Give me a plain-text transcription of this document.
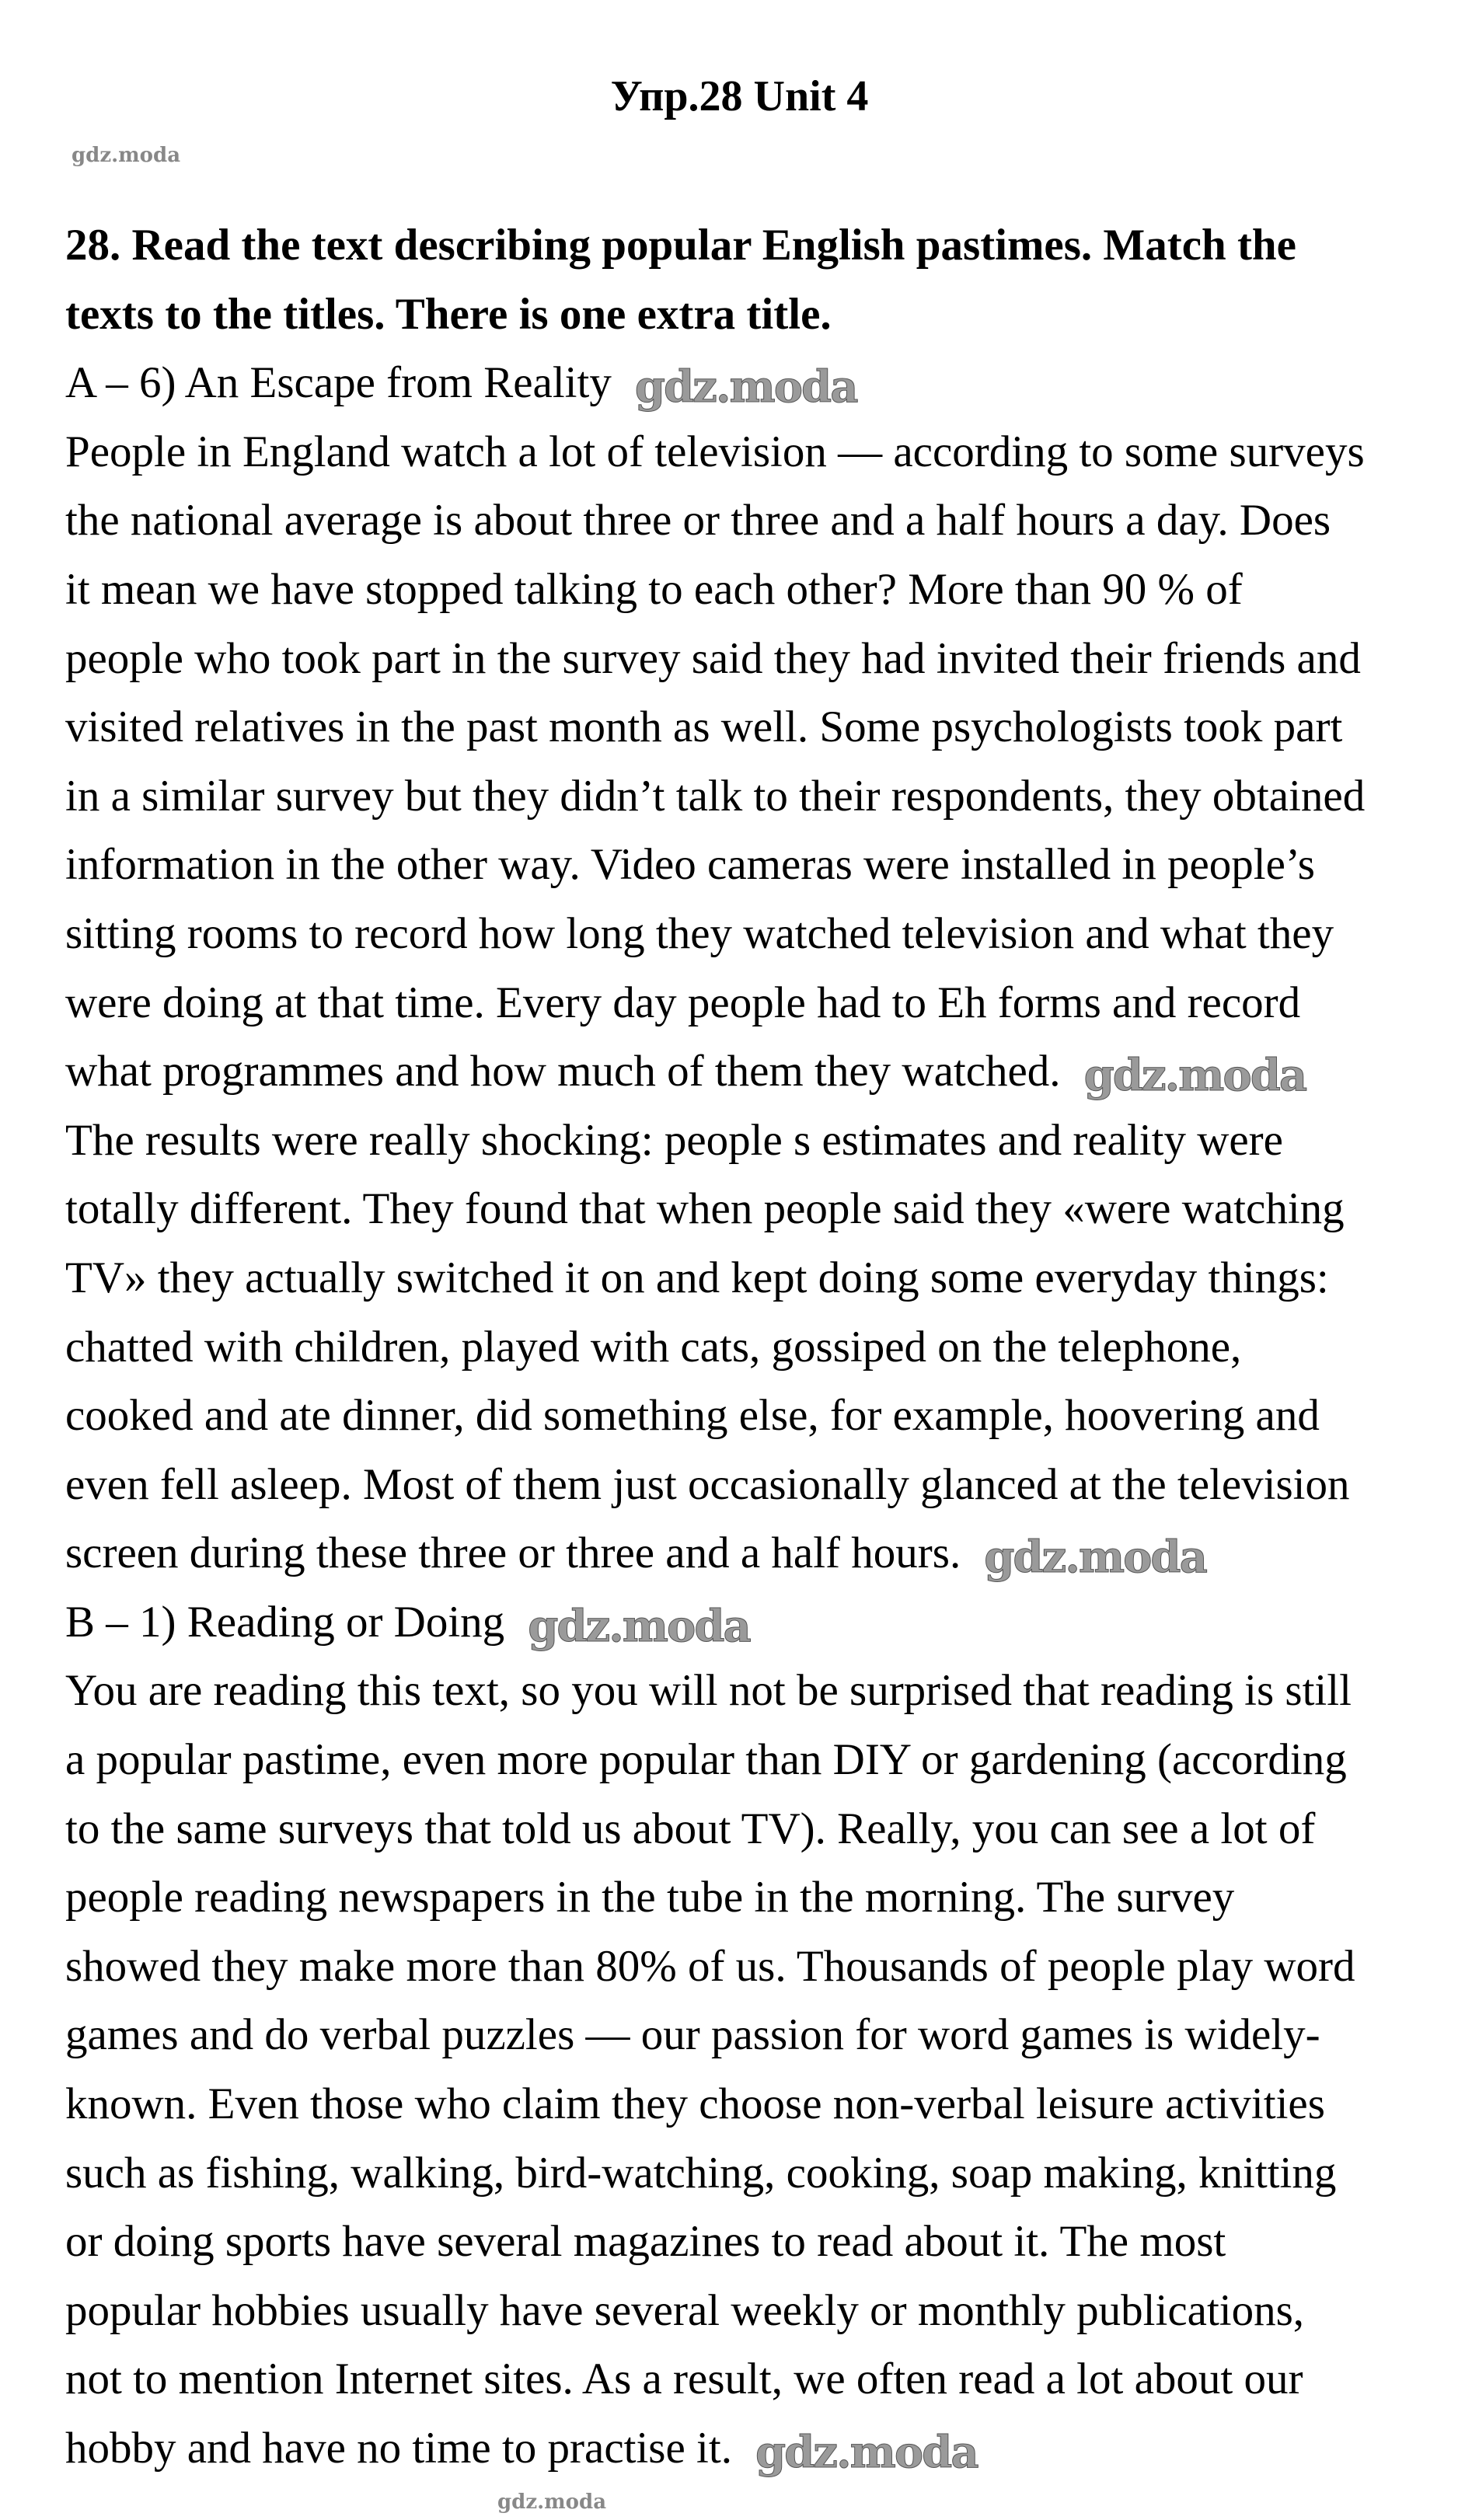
Упр.28 Unit 4
gdz.moda
28. Read the text describing popular English pastimes. Match the
texts to the titles. There is one extra title.
A – 6) An Escape from Reality gdz.moda
People in England watch a lot of television — according to some surveys
the national average is about three or three and a half hours a day. Does
it mean we have stopped talking to each other? More than 90 % of
people who took part in the survey said they had invited their friends and
visited relatives in the past month as well. Some psychologists took part
in a similar survey but they didn’t talk to their respondents, they obtained
information in the other way. Video cameras were installed in people’s
sitting rooms to record how long they watched television and what they
were doing at that time. Every day people had to Eh forms and record
what programmes and how much of them they watched. gdz.moda
The results were really shocking: people s estimates and reality were
totally different. They found that when people said they «were watching
TV» they actually switched it on and kept doing some everyday things:
chatted with children, played with cats, gossiped on the telephone,
cooked and ate dinner, did something else, for example, hoovering and
even fell asleep. Most of them just occasionally glanced at the television
screen during these three or three and a half hours. gdz.moda
B – 1) Reading or Doing gdz.moda
You are reading this text, so you will not be surprised that reading is still
a popular pastime, even more popular than DIY or gardening (according
to the same surveys that told us about TV). Really, you can see a lot of
people reading newspapers in the tube in the morning. The survey
showed they make more than 80% of us. Thousands of people play word
games and do verbal puzzles — our passion for word games is widely-
known. Even those who claim they choose non-verbal leisure activities
such as fishing, walking, bird-watching, cooking, soap making, knitting
or doing sports have several magazines to read about it. The most
popular hobbies usually have several weekly or monthly publications,
not to mention Internet sites. As a result, we often read a lot about our
hobby and have no time to practise it. gdz.moda
gdz.moda
